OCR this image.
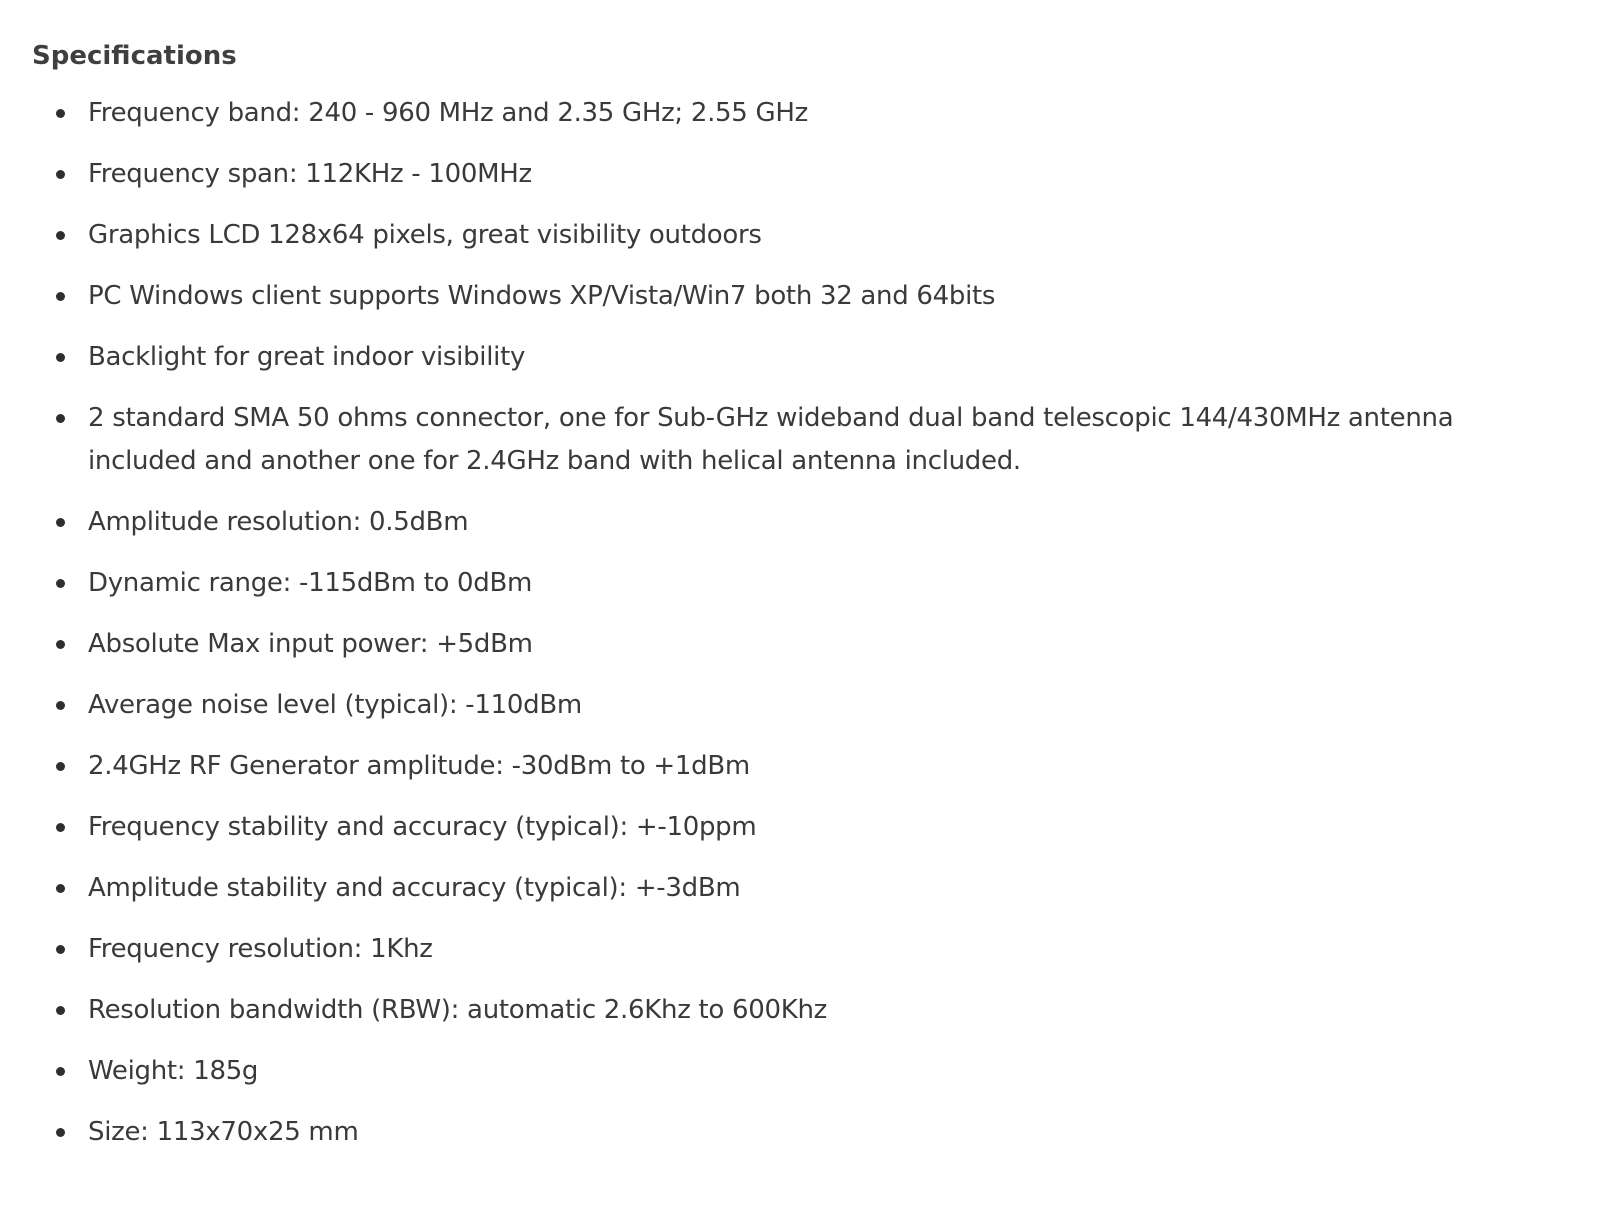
Specifications
Frequency band: 240 - 960 MHz and 2.35 GHz; 2.55 GHz
Frequency span: 112KHz - 100MHz
Graphics LCD 128x64 pixels, great visibility outdoors
PC Windows client supports Windows XP/Vista/Win7 both 32 and 64bits
Backlight for great indoor visibility
2 standard SMA 50 ohms connector, one for Sub-GHz wideband dual band telescopic 144/430MHz antenna included and another one for 2.4GHz band with helical antenna included.
Amplitude resolution: 0.5dBm
Dynamic range: -115dBm to 0dBm
Absolute Max input power: +5dBm
Average noise level (typical): -110dBm
2.4GHz RF Generator amplitude: -30dBm to +1dBm
Frequency stability and accuracy (typical): +-10ppm
Amplitude stability and accuracy (typical): +-3dBm
Frequency resolution: 1Khz
Resolution bandwidth (RBW): automatic 2.6Khz to 600Khz
Weight: 185g
Size: 113x70x25 mm
